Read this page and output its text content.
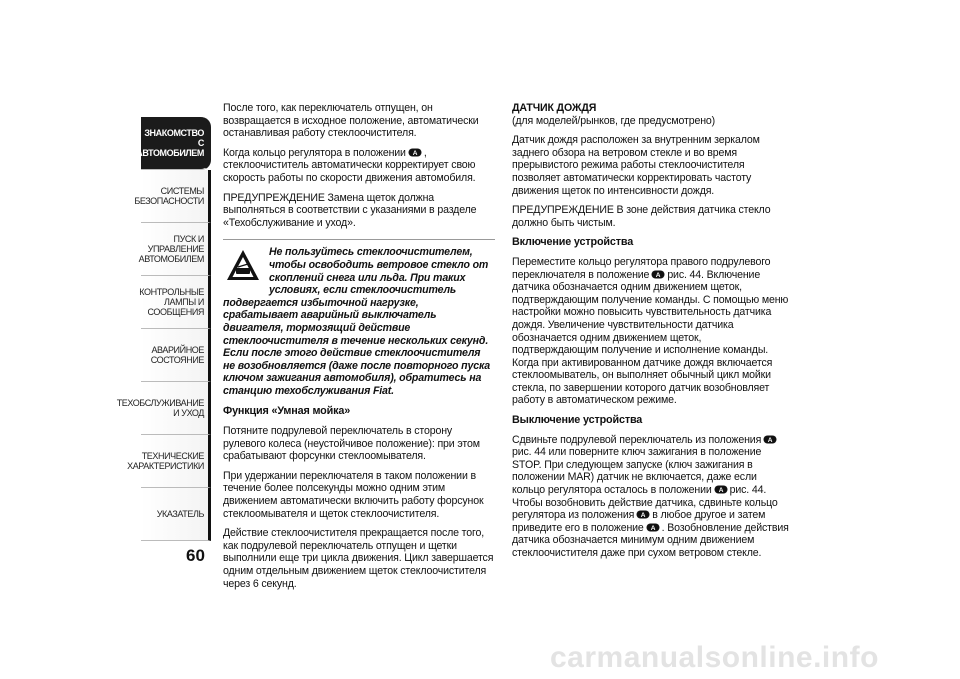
ЗНАКОМСТВО С
АВТОМОБИЛЕМ
СИСТЕМЫ
БЕЗОПАСНОСТИ
ПУСК И УПРАВЛЕНИЕ
АВТОМОБИЛЕМ
КОНТРОЛЬНЫЕ
ЛАМПЫ И
СООБЩЕНИЯ
АВАРИЙНОЕ
СОСТОЯНИЕ
ТЕХОБСЛУЖИВАНИЕ
И УХОД
ТЕХНИЧЕСКИЕ
ХАРАКТЕРИСТИКИ
УКАЗАТЕЛЬ
60

После того, как переключатель отпущен, он возвращается в исходное положение, автоматически останавливая работу стеклоочистителя.

Когда кольцо регулятора в положении A , стеклоочиститель автоматически корректирует свою скорость работы по скорости движения автомобиля.

ПРЕДУПРЕЖДЕНИЕ Замена щеток должна выполняться в соответствии с указаниями в разделе «Техобслуживание и уход».

Не пользуйтесь стеклоочистителем, чтобы освободить ветровое стекло от скоплений снега или льда. При таких условиях, если стеклоочиститель подвергается избыточной нагрузке, срабатывает аварийный выключатель двигателя, тормозящий действие стеклоочистителя в течение нескольких секунд. Если после этого действие стеклоочистителя не возобновляется (даже после повторного пуска ключом зажигания автомобиля), обратитесь на станцию техобслуживания Fiat.

Функция «Умная мойка»

Потяните подрулевой переключатель в сторону рулевого колеса (неустойчивое положение): при этом срабатывают форсунки стеклоомывателя.

При удержании переключателя в таком положении в течение более полсекунды можно одним этим движением автоматически включить работу форсунок стеклоомывателя и щеток стеклоочистителя.

Действие стеклоочистителя прекращается после того, как подрулевой переключатель отпущен и щетки выполнили еще три цикла движения. Цикл завершается одним отдельным движением щеток стеклоочистителя через 6 секунд.

ДАТЧИК ДОЖДЯ

(для моделей/рынков, где предусмотрено)

Датчик дождя расположен за внутренним зеркалом заднего обзора на ветровом стекле и во время прерывистого режима работы стеклоочистителя позволяет автоматически корректировать частоту движения щеток по интенсивности дождя.

ПРЕДУПРЕЖДЕНИЕ В зоне действия датчика стекло должно быть чистым.

Включение устройства

Переместите кольцо регулятора правого подрулевого переключателя в положение A рис. 44. Включение датчика обозначается одним движением щеток, подтверждающим получение команды. С помощью меню настройки можно повысить чувствительность датчика дождя. Увеличение чувствительности датчика обозначается одним движением щеток, подтверждающим получение и исполнение команды. Когда при активированном датчике дождя включается стеклоомыватель, он выполняет обычный цикл мойки стекла, по завершении которого датчик возобновляет работу в автоматическом режиме.

Выключение устройства

Сдвиньте подрулевой переключатель из положения A
рис. 44 или поверните ключ зажигания в положение STOP. При следующем запуске (ключ зажигания в положении MAR) датчик не включается, даже если кольцо регулятора осталось в положении A рис. 44. Чтобы возобновить действие датчика, сдвиньте кольцо регулятора из положения A в любое другое и затем приведите его в положение A . Возобновление действия датчика обозначается минимум одним движением стеклоочистителя даже при сухом ветровом стекле.

carmanualsonline.info
